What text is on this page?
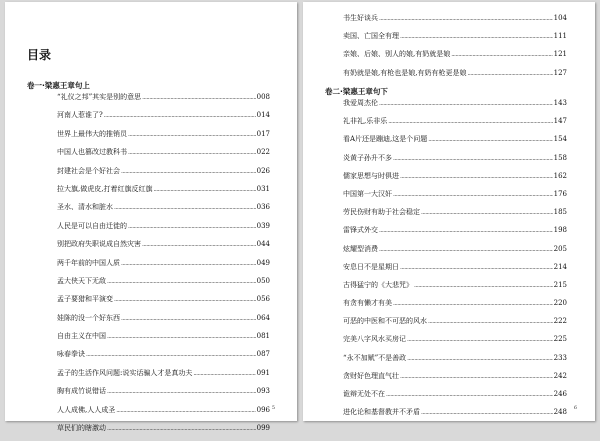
目录
卷一·梁惠王章句上
“礼仪之邦”其实是别的意思 .....	008
河南人惹谁了? .....	014
世界上最伟大的推销员 .....	017
中国人也篡改过教科书 .....	022
封建社会是个好社会 .....	026
拉大旗,做虎皮,打着红旗反红旗 .....	031
圣水、清水和脏水 .....	036
人民是可以自由迁徙的 .....	039
别把政府失职说成自然灾害 .....	044
两千年前的中国人质 .....	049
孟大侠天下无敌 .....	050
孟子要猎和平演变 .....	056
娃陈的没一个好东西 .....	064
自由主义在中国 .....	081
咏春拳诀 .....	087
孟子的生活作风问题:说实话骗人才是真功夫 .....	091
胸有成竹说错话 .....	093
人人成佛,人人成圣 .....	096
草民们的瞎激动 .....	099
5
书生好谈兵 .....	104
卖国、亡国全有理 .....	111
亲娘、后娘、别人的娘,有奶就是娘 .....	121
有奶就是娘,有枪也是娘,有奶有枪更是娘 .....	127
卷二·梁惠王章句下
我爱周杰伦 .....	143
礼非礼,乐非乐 .....	147
看A片还是蹦迪,这是个问题 .....	154
炎黄子孙升不多 .....	158
儒家思想与时俱进 .....	162
中国第一大汉奸 .....	176
劳民伤财有助于社会稳定 .....	185
雷锋式外交 .....	198
炫耀型消费 .....	205
安息日不是星期日 .....	214
古得猛宁的《大悲咒》 .....	215
有贪有懒才有美 .....	220
可恶的中医和不可恶的风水 .....	222
完美八字风水买房记 .....	225
“永不加赋”不是善政 .....	233
贪财好色理直气壮 .....	242
诡辩无处不在 .....	246
进化论和基督教并不矛盾 .....	248
6
